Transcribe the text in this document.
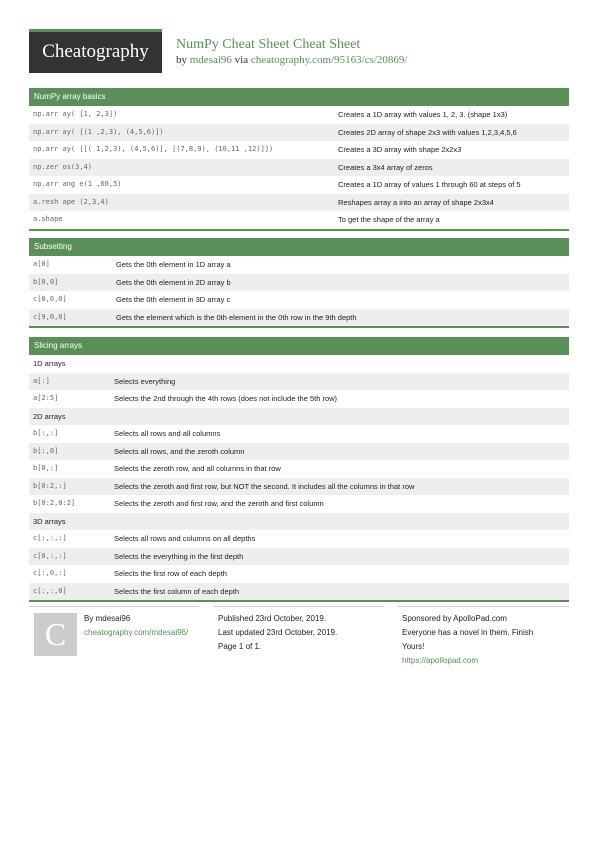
Cheatography	NumPy Cheat Sheet Cheat Sheet
by mdesai96 via cheatography.com/95163/cs/20869/
NumPy array basics
np.arr ay( [1, 2,3])	Creates a 1D array with values 1, 2, 3. (shape 1x3)
np.arr ay( [(1 ,2,3), (4,5,6)])	Creates 2D array of shape 2x3 with values 1,2,3,4,5,6
np.arr ay( [[( 1,2,3), (4,5,6)], [(7,8,9), (10,11 ,12)]])	Creates a 3D array with shape 2x2x3
np.zer os(3,4)	Creates a 3x4 array of zeros
np.arr ang e(1 ,60,5)	Creates a 1D array of values 1 through 60 at steps of 5
a.resh ape (2,3,4)	Reshapes array a into an array of shape 2x3x4
a.shape	To get the shape of the array a
Subsetting
a[0]	Gets the 0th element in 1D array a
b[0,0]	Gets the 0th element in 2D array b
c[0,0,0]	Gets the 0th element in 3D array c
c[9,0,0]	Gets the element which is the 0th element in the 0th row in the 9th depth
Slicing arrays
1D arrays
a[:]	Selects everything
a[2:5]	Selects the 2nd through the 4th rows (does not include the 5th row)
2D arrays
b[:,:]	Selects all rows and all columns
b[:,0]	Selects all rows, and the zeroth column
b[0,:]	Selects the zeroth row, and all columns in that row
b[0:2,:]	Selects the zeroth and first row, but NOT the second. It includes all the columns in that row
b[0:2,0:2]	Selects the zeroth and first row, and the zeroth and first column
3D arrays
c[:,:,:]	Selects all rows and columns on all depths
c[0,:,:]	Selects the everything in the first depth
c[:,0,:]	Selects the first row of each depth
c[:,:,0]	Selects the first column of each depth
C	By mdesai96
cheatography.com/mdesai96/
Published 23rd October, 2019.
Last updated 23rd October, 2019.
Page 1 of 1.
Sponsored by ApolloPad.com
Everyone has a novel in them. Finish
Yours!
https://apollopad.com
